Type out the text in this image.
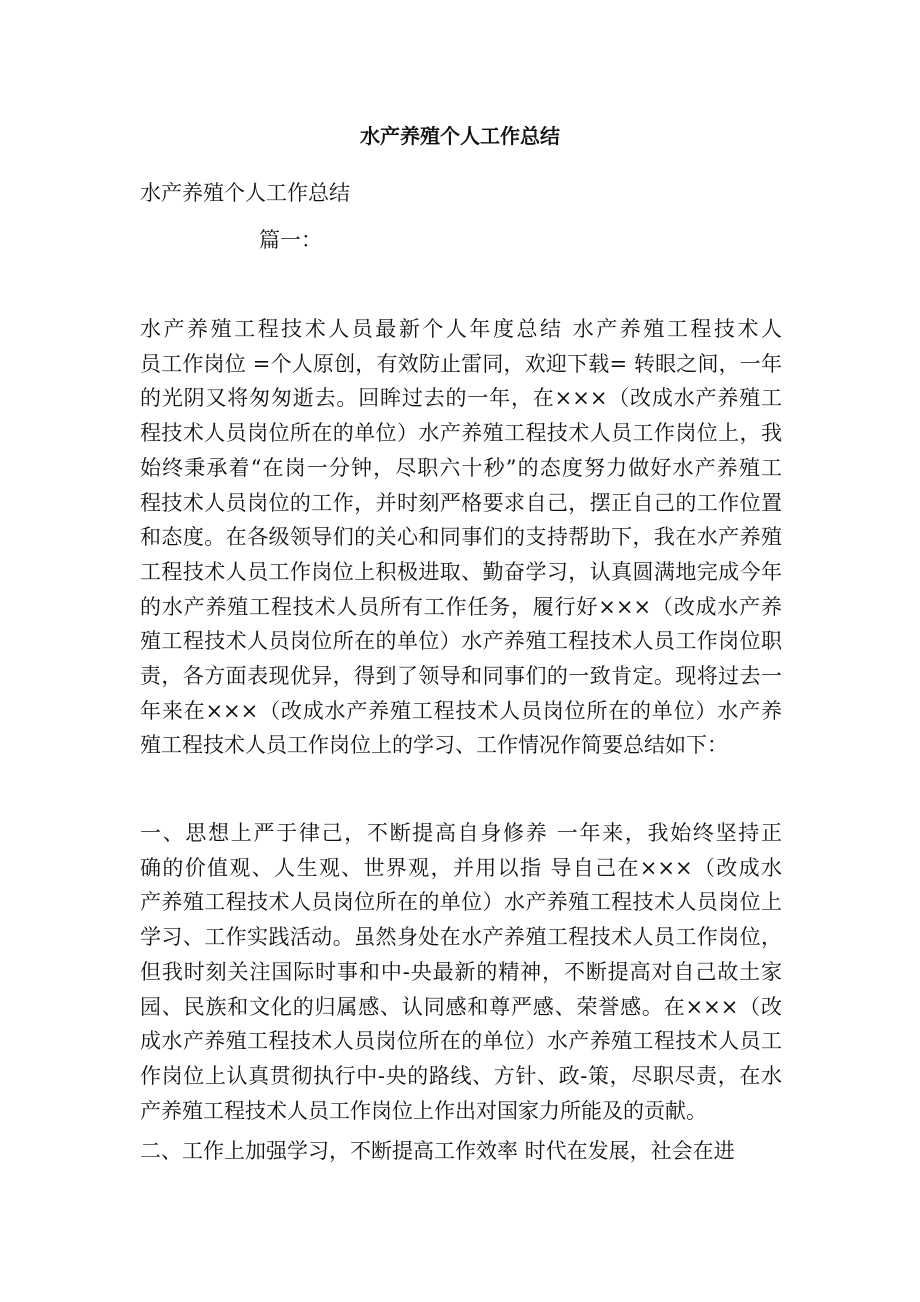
水产养殖个人工作总结

水产养殖个人工作总结

篇一：

水产养殖工程技术人员最新个人年度总结 水产养殖工程技术人
员工作岗位 =个人原创，有效防止雷同，欢迎下载= 转眼之间，一年
的光阴又将匆匆逝去。回眸过去的一年，在×××（改成水产养殖工
程技术人员岗位所在的单位）水产养殖工程技术人员工作岗位上，我
始终秉承着“在岗一分钟，尽职六十秒”的态度努力做好水产养殖工
程技术人员岗位的工作，并时刻严格要求自己，摆正自己的工作位置
和态度。在各级领导们的关心和同事们的支持帮助下，我在水产养殖
工程技术人员工作岗位上积极进取、勤奋学习，认真圆满地完成今年
的水产养殖工程技术人员所有工作任务，履行好×××（改成水产养
殖工程技术人员岗位所在的单位）水产养殖工程技术人员工作岗位职
责，各方面表现优异，得到了领导和同事们的一致肯定。现将过去一
年来在×××（改成水产养殖工程技术人员岗位所在的单位）水产养
殖工程技术人员工作岗位上的学习、工作情况作简要总结如下：

一、思想上严于律己，不断提高自身修养 一年来，我始终坚持正
确的价值观、人生观、世界观，并用以指 导自己在×××（改成水
产养殖工程技术人员岗位所在的单位）水产养殖工程技术人员岗位上
学习、工作实践活动。虽然身处在水产养殖工程技术人员工作岗位，
但我时刻关注国际时事和中-央最新的精神，不断提高对自己故土家
园、民族和文化的归属感、认同感和尊严感、荣誉感。在×××（改
成水产养殖工程技术人员岗位所在的单位）水产养殖工程技术人员工
作岗位上认真贯彻执行中-央的路线、方针、政-策，尽职尽责，在水
产养殖工程技术人员工作岗位上作出对国家力所能及的贡献。

二、工作上加强学习，不断提高工作效率 时代在发展，社会在进
